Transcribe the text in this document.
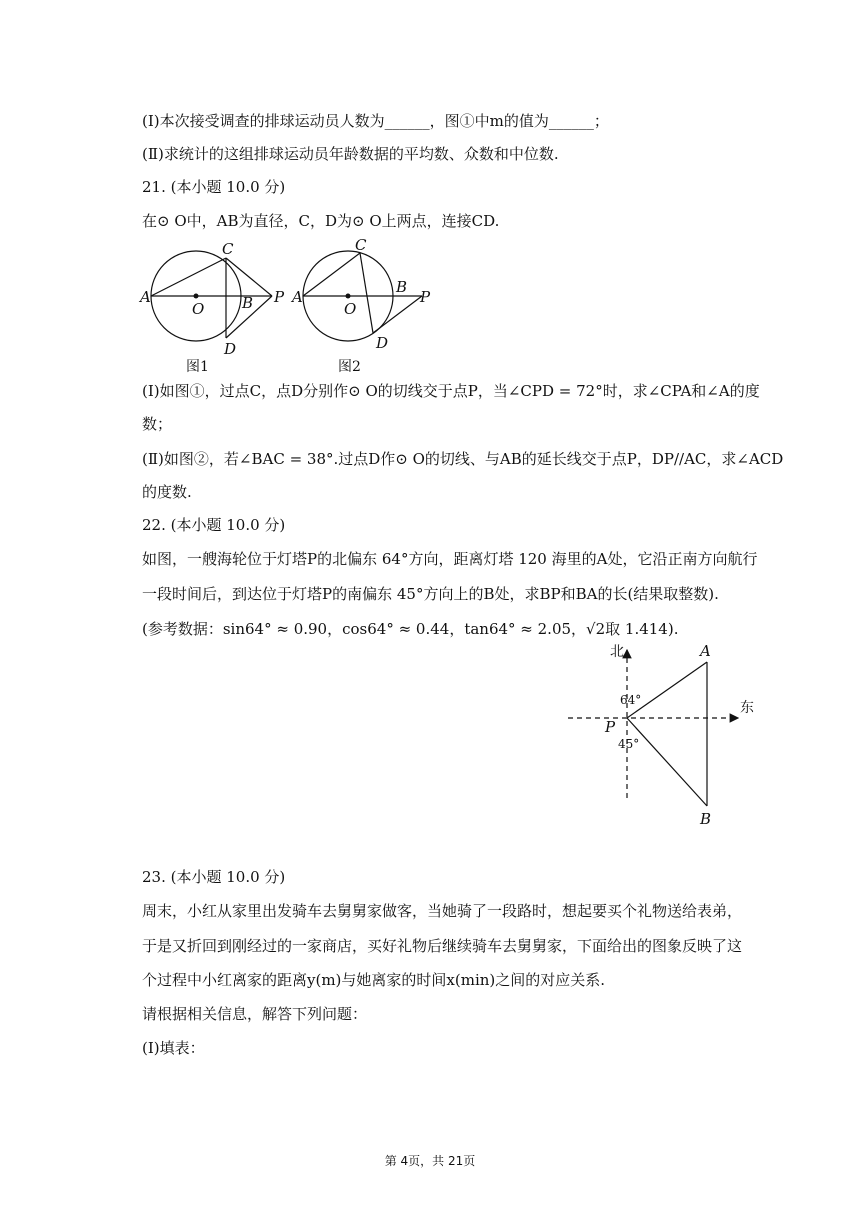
(Ⅰ)本次接受调查的排球运动员人数为______，图①中m的值为______；
(Ⅱ)求统计的这组排球运动员年龄数据的平均数、众数和中位数.
21. (本小题 10.0 分)
在⊙ O中，AB为直径，C，D为⊙ O上两点，连接CD.
A
O	B
C
D
P
图1
A
O
B
C
D
P
图2
(Ⅰ)如图①，过点C，点D分别作⊙ O的切线交于点P，当∠CPD = 72°时，求∠CPA和∠A的度
数；
(Ⅱ)如图②，若∠BAC = 38°.过点D作⊙ O的切线、与AB的延长线交于点P，DP//AC，求∠ACD
的度数.
22. (本小题 10.0 分)
如图，一艘海轮位于灯塔P的北偏东 64°方向，距离灯塔 120 海里的A处，它沿正南方向航行
一段时间后，到达位于灯塔P的南偏东 45°方向上的B处，求BP和BA的长(结果取整数).
(参考数据：sin64° ≈ 0.90，cos64° ≈ 0.44，tan64° ≈ 2.05，√2取 1.414).
北
东
A
B
P
64°
45°
23. (本小题 10.0 分)
周末，小红从家里出发骑车去舅舅家做客，当她骑了一段路时，想起要买个礼物送给表弟，
于是又折回到刚经过的一家商店，买好礼物后继续骑车去舅舅家，下面给出的图象反映了这
个过程中小红离家的距离y(m)与她离家的时间x(min)之间的对应关系.
请根据相关信息，解答下列问题：
(Ⅰ)填表：
第 4页，共 21页
